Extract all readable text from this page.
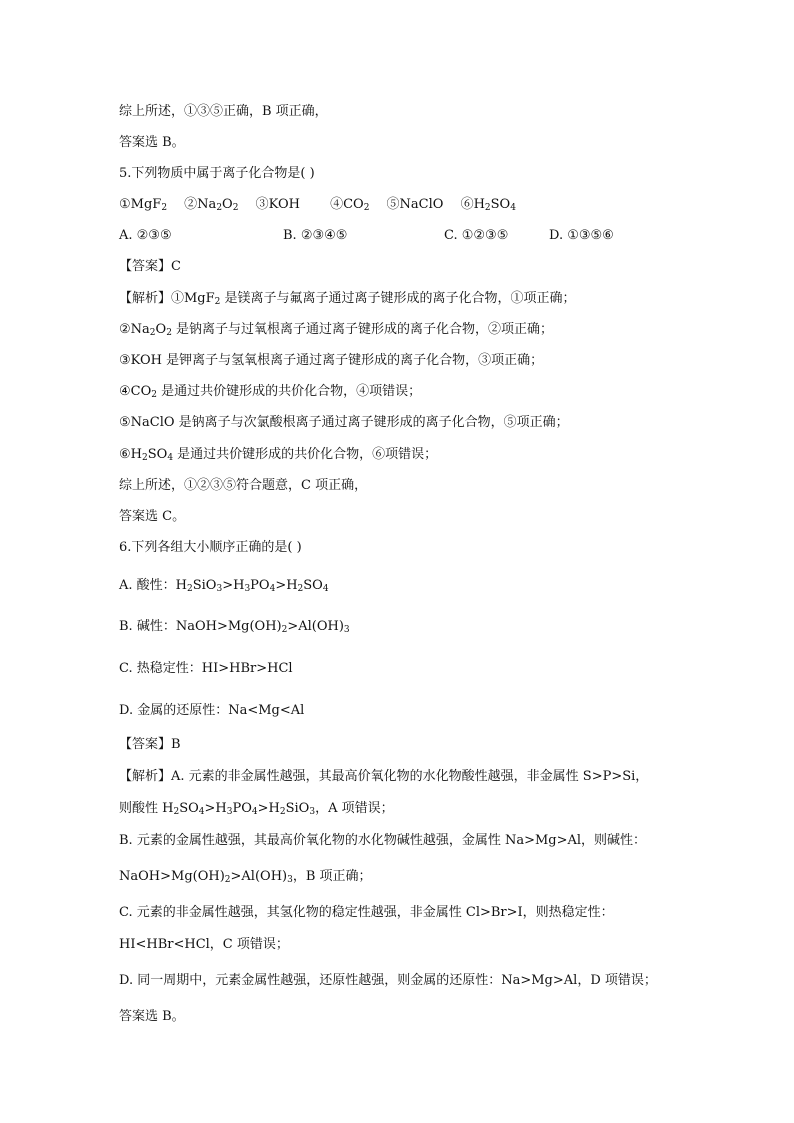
综上所述，①③⑤正确，B 项正确，

答案选 B。

5.下列物质中属于离子化合物是( )

①MgF$_2$　 $②Na_2O_2$　 ③KOH　　 $④CO_2$　 ⑤NaClO　 $⑥H_2SO_4$

A. ②③⑤	B. ②③④⑤	C. ①②③⑤	D. ①③⑤⑥

【答案】C

【解析】①MgF$_2$ 是镁离子与氟离子通过离子键形成的离子化合物，①项正确；

$②Na_2O_2$ 是钠离子与过氧根离子通过离子键形成的离子化合物，②项正确；

③KOH 是钾离子与氢氧根离子通过离子键形成的离子化合物，③项正确；

$④CO_2$ 是通过共价键形成的共价化合物，④项错误；

⑤NaClO 是钠离子与次氯酸根离子通过离子键形成的离子化合物，⑤项正确；

$⑥H_2SO_4$ 是通过共价键形成的共价化合物，⑥项错误；

综上所述，①②③⑤符合题意，C 项正确，

答案选 C。

6.下列各组大小顺序正确的是( )

A. 酸性：$H_2SiO_3>H_3PO_4>H_2SO_4$

B. 碱性：$NaOH>Mg(OH)_2>Al(OH)_3$

C. 热稳定性：HI>HBr>HCl

D. 金属的还原性：Na<Mg<Al

【答案】B

【解析】A. 元素的非金属性越强，其最高价氧化物的水化物酸性越强，非金属性 S>P>Si，

则酸性 $H_2SO_4>H_3PO_4>H_2SiO_3$，A 项错误；

B. 元素的金属性越强，其最高价氧化物的水化物碱性越强，金属性 Na>Mg>Al，则碱性：

$NaOH>Mg(OH)_2>Al(OH)_3$，B 项正确；

C. 元素的非金属性越强，其氢化物的稳定性越强，非金属性 Cl>Br>I，则热稳定性：

HI<HBr<HCl，C 项错误；

D. 同一周期中，元素金属性越强，还原性越强，则金属的还原性：Na>Mg>Al，D 项错误；

答案选 B。
